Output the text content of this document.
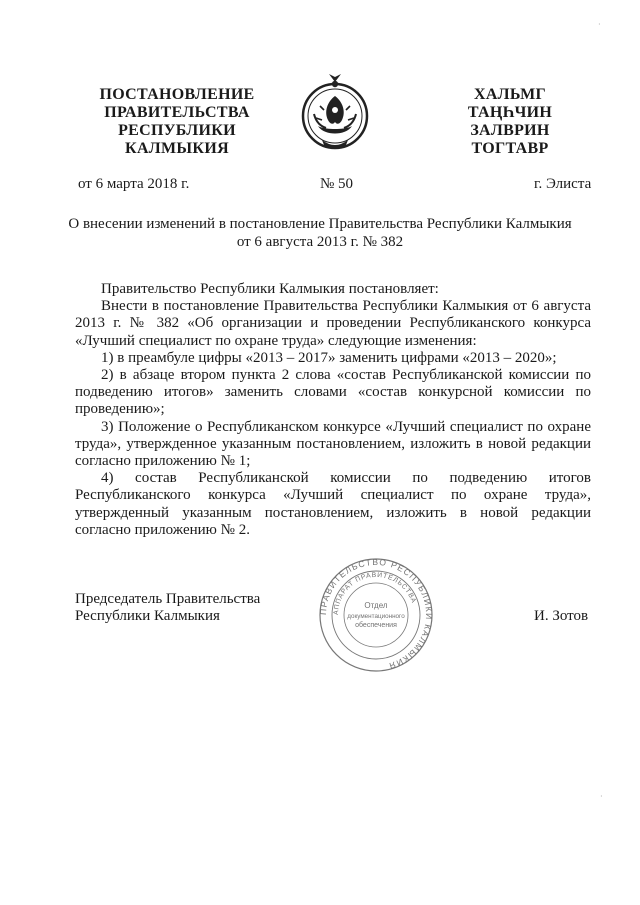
ПОСТАНОВЛЕНИЕ
ПРАВИТЕЛЬСТВА
РЕСПУБЛИКИ
КАЛМЫКИЯ
ХАЛЬМГ
ТАҢҺЧИН
ЗАЛВРИН
ТОГТАВР
от 6 марта 2018 г.	№ 50	г. Элиста
О внесении изменений в постановление Правительства Республики Калмыкия
от 6 августа 2013 г. № 382

Правительство Республики Калмыкия постановляет:

Внести в постановление Правительства Республики Калмыкия от 6 августа 2013 г. № 382 «Об организации и проведении Республиканского конкурса «Лучший специалист по охране труда» следующие изменения:

1) в преамбуле цифры «2013 – 2017» заменить цифрами «2013 – 2020»;

2) в абзаце втором пункта 2 слова «состав Республиканской комиссии по подведению итогов» заменить словами «состав конкурсной комиссии по проведению»;

3) Положение о Республиканском конкурсе «Лучший специалист по охране труда», утвержденное указанным постановлением, изложить в новой редакции согласно приложению № 1;

4) состав Республиканской комиссии по подведению итогов Республиканского конкурса «Лучший специалист по охране труда», утвержденный указанным постановлением, изложить в новой редакции согласно приложению № 2.

Председатель Правительства
Республики Калмыкия	ПРАВИТЕЛЬСТВО РЕСПУБЛИКИ КАЛМЫКИЯ
АППАРАТ ПРАВИТЕЛЬСТВА
Отдел
документационного
обеспечения
И. Зотов
·
·
